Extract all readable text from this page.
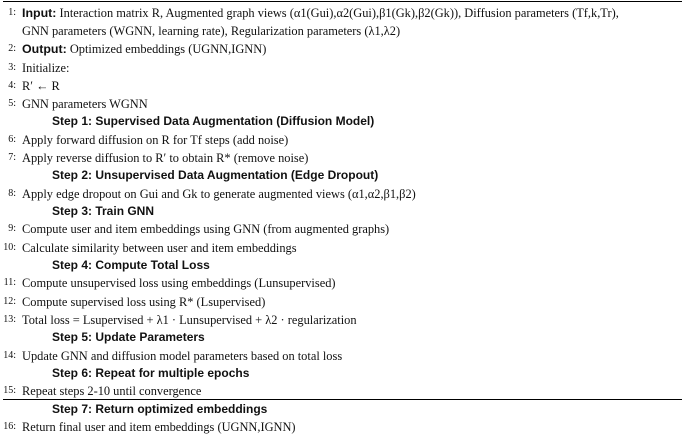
1: Input: Interaction matrix R, Augmented graph views (α1(Gui),α2(Gui),β1(Gk),β2(Gk)), Diffusion parameters (Tf,k,Tr),
GNN parameters (WGNN, learning rate), Regularization parameters (λ1,λ2)
2: Output: Optimized embeddings (UGNN,IGNN)
3: Initialize:
4: R′ ← R
5: GNN parameters WGNN
Step 1: Supervised Data Augmentation (Diffusion Model)
6: Apply forward diffusion on R for Tf steps (add noise)
7: Apply reverse diffusion to R′ to obtain R* (remove noise)
Step 2: Unsupervised Data Augmentation (Edge Dropout)
8: Apply edge dropout on Gui and Gk to generate augmented views (α1,α2,β1,β2)
Step 3: Train GNN
9: Compute user and item embeddings using GNN (from augmented graphs)
10: Calculate similarity between user and item embeddings
Step 4: Compute Total Loss
11: Compute unsupervised loss using embeddings (Lunsupervised)
12: Compute supervised loss using R* (Lsupervised)
13: Total loss = Lsupervised + λ1 · Lunsupervised + λ2 · regularization
Step 5: Update Parameters
14: Update GNN and diffusion model parameters based on total loss
Step 6: Repeat for multiple epochs
15: Repeat steps 2-10 until convergence
Step 7: Return optimized embeddings
16: Return final user and item embeddings (UGNN,IGNN)
